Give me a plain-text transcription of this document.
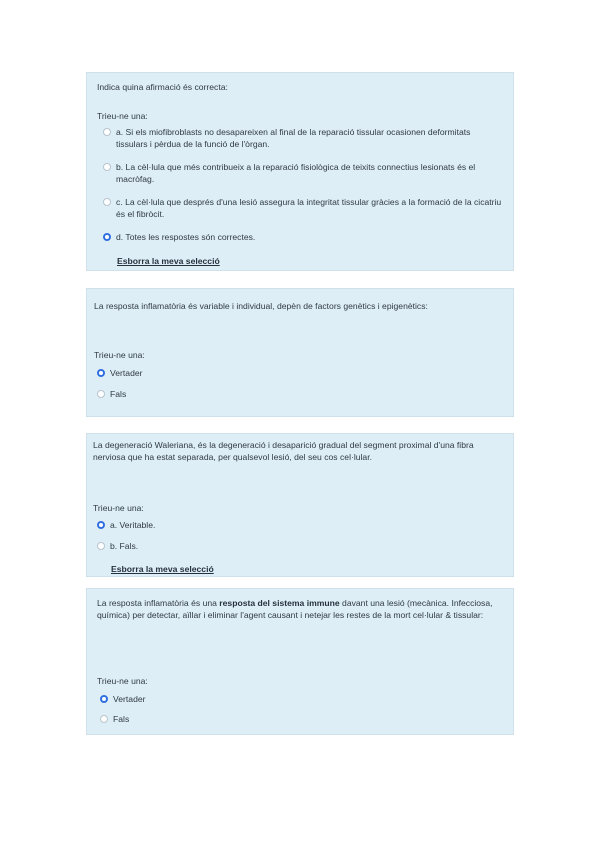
Indica quina afirmació és correcta:
Trieu-ne una:
a. Si els miofibroblasts no desapareixen al final de la reparació tissular ocasionen deformitats tissulars i pèrdua de la funció de l'òrgan.
b. La cèl·lula que més contribueix a la reparació fisiològica de teixits connectius lesionats és el macròfag.
c. La cèl·lula que després d'una lesió assegura la integritat tissular gràcies a la formació de la cicatriu és el fibròcit.
d. Totes les respostes són correctes.
Esborra la meva selecció
La resposta inflamatòria és variable i individual, depèn de factors genètics i epigenètics:
Trieu-ne una:
Vertader
Fals
La degeneració Waleriana, és la degeneració i desaparició gradual del segment proximal d'una fibra nerviosa que ha estat separada, per qualsevol lesió, del seu cos cel·lular.
Trieu-ne una:
a. Veritable.
b. Fals.
Esborra la meva selecció
La resposta inflamatòria és una resposta del sistema immune davant una lesió (mecànica. Infecciosa, química) per detectar, aïllar i eliminar l'agent causant i netejar les restes de la mort cel·lular & tissular:
Trieu-ne una:
Vertader
Fals
